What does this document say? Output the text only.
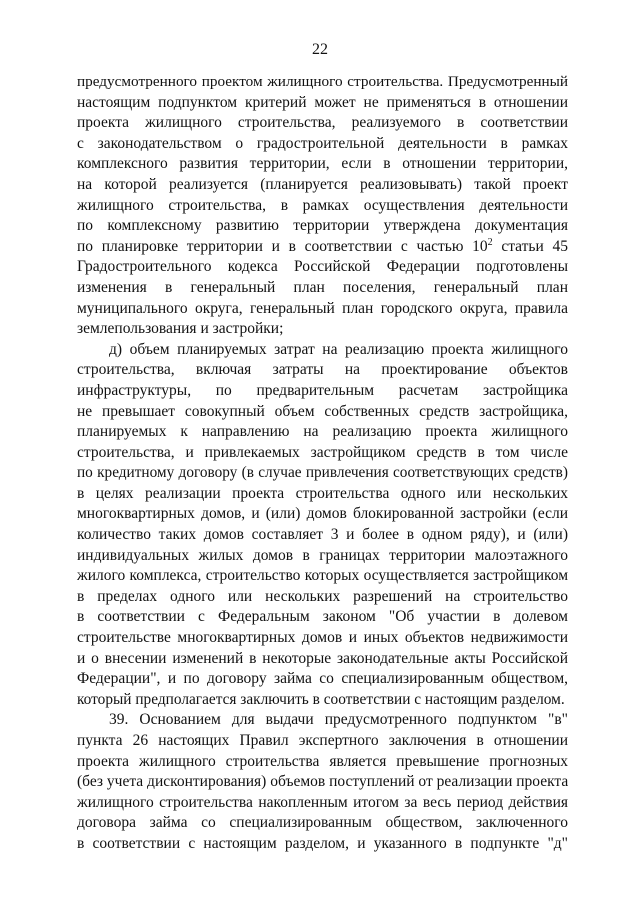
22
предусмотренного проектом жилищного строительства. Предусмотренный
настоящим подпунктом критерий может не применяться в отношении
проекта жилищного строительства, реализуемого в соответствии
с законодательством о градостроительной деятельности в рамках
комплексного развития территории, если в отношении территории,
на которой реализуется (планируется реализовывать) такой проект
жилищного строительства, в рамках осуществления деятельности
по комплексному развитию территории утверждена документация
по планировке территории и в соответствии с частью $10^2$ статьи 45
Градостроительного кодекса Российской Федерации подготовлены
изменения в генеральный план поселения, генеральный план
муниципального округа, генеральный план городского округа, правила
землепользования и застройки;
д) объем планируемых затрат на реализацию проекта жилищного
строительства, включая затраты на проектирование объектов
инфраструктуры, по предварительным расчетам застройщика
не превышает совокупный объем собственных средств застройщика,
планируемых к направлению на реализацию проекта жилищного
строительства, и привлекаемых застройщиком средств в том числе
по кредитному договору (в случае привлечения соответствующих средств)
в целях реализации проекта строительства одного или нескольких
многоквартирных домов, и (или) домов блокированной застройки (если
количество таких домов составляет 3 и более в одном ряду), и (или)
индивидуальных жилых домов в границах территории малоэтажного
жилого комплекса, строительство которых осуществляется застройщиком
в пределах одного или нескольких разрешений на строительство
в соответствии с Федеральным законом "Об участии в долевом
строительстве многоквартирных домов и иных объектов недвижимости
и о внесении изменений в некоторые законодательные акты Российской
Федерации", и по договору займа со специализированным обществом,
который предполагается заключить в соответствии с настоящим разделом.
39. Основанием для выдачи предусмотренного подпунктом "в"
пункта 26 настоящих Правил экспертного заключения в отношении
проекта жилищного строительства является превышение прогнозных
(без учета дисконтирования) объемов поступлений от реализации проекта
жилищного строительства накопленным итогом за весь период действия
договора займа со специализированным обществом, заключенного
в соответствии с настоящим разделом, и указанного в подпункте "д"
